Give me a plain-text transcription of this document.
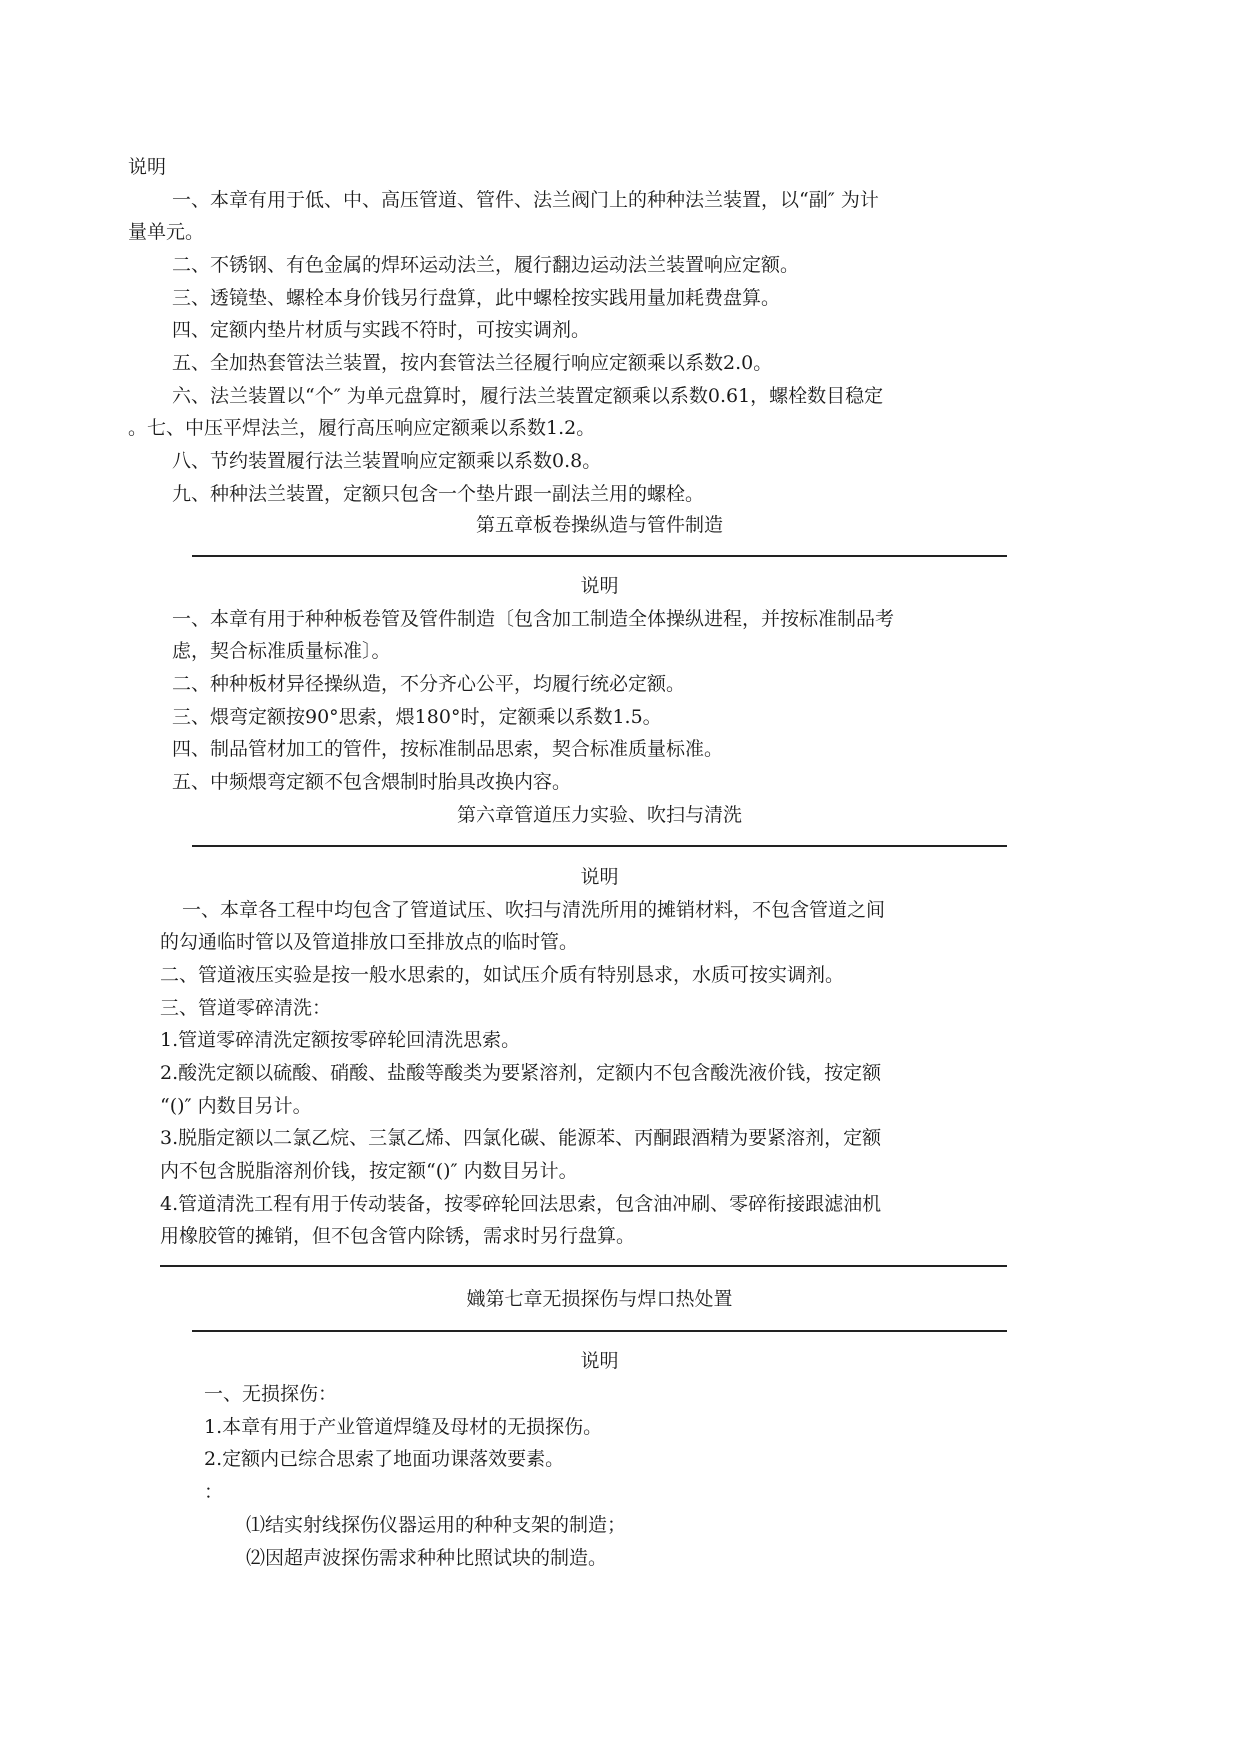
说明
一、本章有用于低、中、高压管道、管件、法兰阀门上的种种法兰装置，以“副″ 为计
量单元。
二、不锈钢、有色金属的焊环运动法兰，履行翻边运动法兰装置响应定额。
三、透镜垫、螺栓本身价钱另行盘算，此中螺栓按实践用量加耗费盘算。
四、定额内垫片材质与实践不符时，可按实调剂。
五、全加热套管法兰装置，按内套管法兰径履行响应定额乘以系数2.0。
六、法兰装置以“个″ 为单元盘算时，履行法兰装置定额乘以系数0.61，螺栓数目稳定
。七、中压平焊法兰，履行高压响应定额乘以系数1.2。
八、节约装置履行法兰装置响应定额乘以系数0.8。
九、种种法兰装置，定额只包含一个垫片跟一副法兰用的螺栓。
第五章板卷操纵造与管件制造
说明
一、本章有用于种种板卷管及管件制造〔包含加工制造全体操纵进程，并按标准制品考
虑，契合标准质量标准〕。
二、种种板材异径操纵造，不分齐心公平，均履行统必定额。
三、煨弯定额按90°思索，煨180°时，定额乘以系数1.5。
四、制品管材加工的管件，按标准制品思索，契合标准质量标准。
五、中频煨弯定额不包含煨制时胎具改换内容。
第六章管道压力实验、吹扫与清洗
说明
一、本章各工程中均包含了管道试压、吹扫与清洗所用的摊销材料，不包含管道之间
的勾通临时管以及管道排放口至排放点的临时管。
二、管道液压实验是按一般水思索的，如试压介质有特别恳求，水质可按实调剂。
三、管道零碎清洗：
1.管道零碎清洗定额按零碎轮回清洗思索。
2.酸洗定额以硫酸、硝酸、盐酸等酸类为要紧溶剂，定额内不包含酸洗液价钱，按定额
“()″ 内数目另计。
3.脱脂定额以二氯乙烷、三氯乙烯、四氯化碳、能源苯、丙酮跟酒精为要紧溶剂，定额
内不包含脱脂溶剂价钱，按定额“()″ 内数目另计。
4.管道清洗工程有用于传动装备，按零碎轮回法思索，包含油冲刷、零碎衔接跟滤油机
用橡胶管的摊销，但不包含管内除锈，需求时另行盘算。
嬂第七章无损探伤与焊口热处置
说明
一、无损探伤：
1.本章有用于产业管道焊缝及母材的无损探伤。
2.定额内已综合思索了地面功课落效要素。
：
⑴结实射线探伤仪器运用的种种支架的制造；
⑵因超声波探伤需求种种比照试块的制造。
